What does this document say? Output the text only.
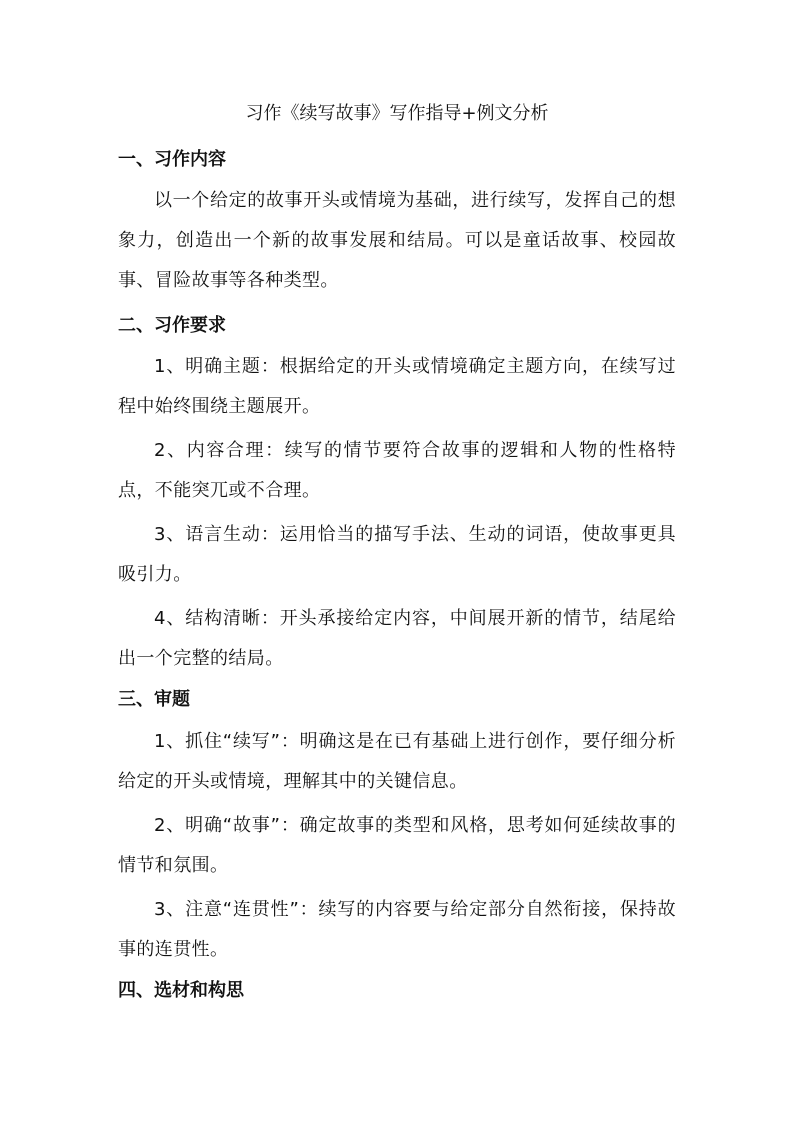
习作《续写故事》写作指导+例文分析
一、习作内容
以一个给定的故事开头或情境为基础，进行续写，发挥自己的想象力，创造出一个新的故事发展和结局。可以是童话故事、校园故事、冒险故事等各种类型。
二、习作要求
1、明确主题：根据给定的开头或情境确定主题方向，在续写过程中始终围绕主题展开。
2、内容合理：续写的情节要符合故事的逻辑和人物的性格特点，不能突兀或不合理。
3、语言生动：运用恰当的描写手法、生动的词语，使故事更具吸引力。
4、结构清晰：开头承接给定内容，中间展开新的情节，结尾给出一个完整的结局。
三、审题
1、抓住“续写”：明确这是在已有基础上进行创作，要仔细分析给定的开头或情境，理解其中的关键信息。
2、明确“故事”：确定故事的类型和风格，思考如何延续故事的情节和氛围。
3、注意“连贯性”：续写的内容要与给定部分自然衔接，保持故事的连贯性。
四、选材和构思
